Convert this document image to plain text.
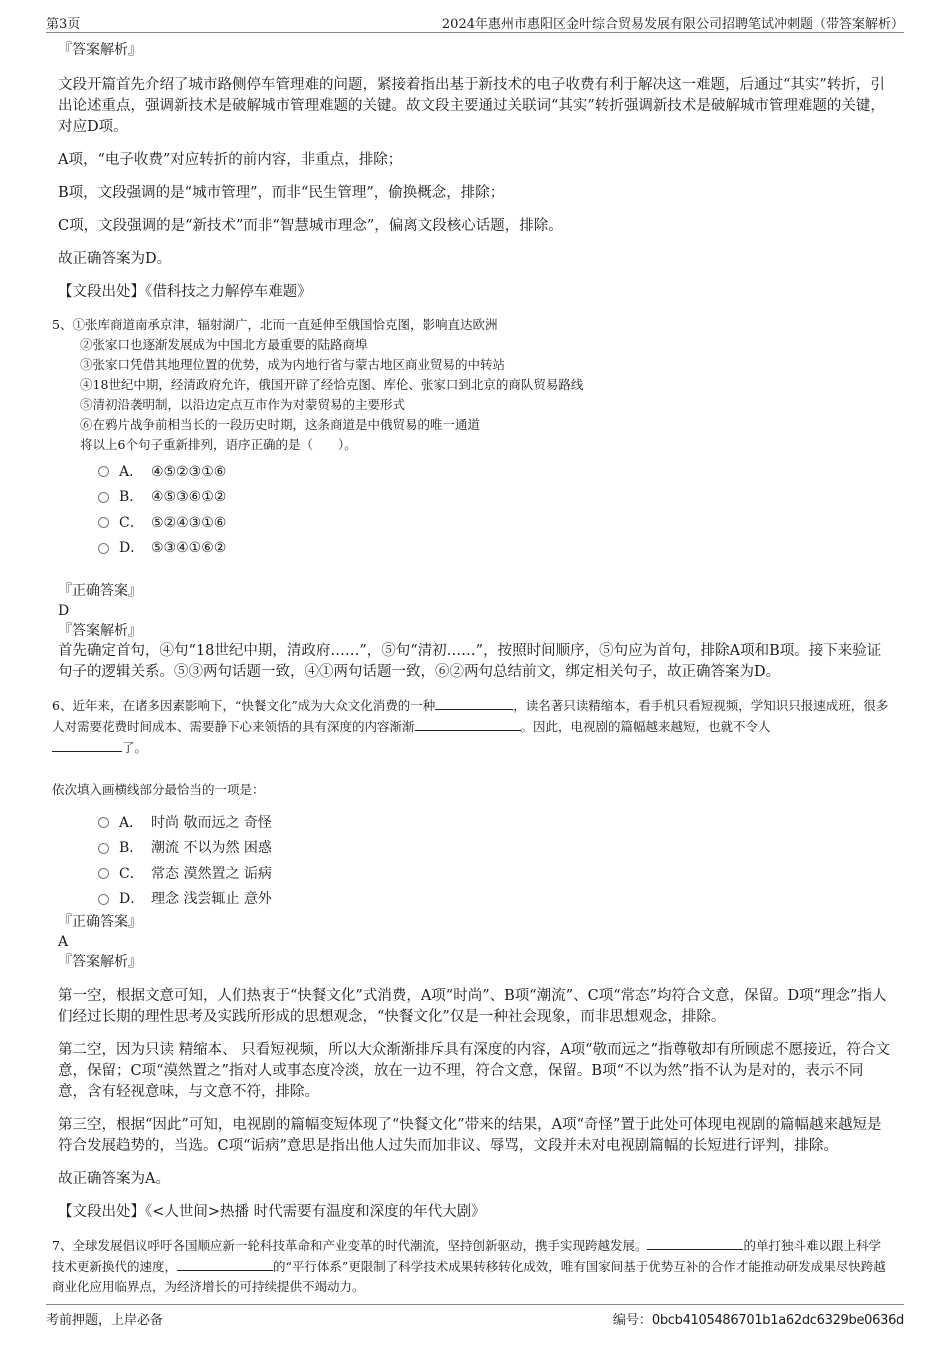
第3页	2024年惠州市惠阳区金叶综合贸易发展有限公司招聘笔试冲刺题（带答案解析）

『答案解析』

文段开篇首先介绍了城市路侧停车管理难的问题，紧接着指出基于新技术的电子收费有利于解决这一难题，后通过“其实”转折，引出论述重点，强调新技术是破解城市管理难题的关键。故文段主要通过关联词“其实”转折强调新技术是破解城市管理难题的关键，对应D项。

A项，“电子收费”对应转折的前内容，非重点，排除；

B项，文段强调的是“城市管理”，而非“民生管理”，偷换概念，排除；

C项，文段强调的是“新技术”而非“智慧城市理念”，偏离文段核心话题，排除。

故正确答案为D。

【文段出处】《借科技之力解停车难题》

5、①张库商道南承京津，辐射湖广，北而一直延伸至俄国恰克图，影响直达欧洲

②张家口也逐渐发展成为中国北方最重要的陆路商埠

③张家口凭借其地理位置的优势，成为内地行省与蒙古地区商业贸易的中转站

④18世纪中期，经清政府允许，俄国开辟了经恰克图、库伦、张家口到北京的商队贸易路线

⑤清初沿袭明制，以沿边定点互市作为对蒙贸易的主要形式

⑥在鸦片战争前相当长的一段历史时期，这条商道是中俄贸易的唯一通道

将以上6个句子重新排列，语序正确的是（　　）。

A． ④⑤②③①⑥
B． ④⑤③⑥①②
C． ⑤②④③①⑥
D． ⑤③④①⑥②

『正确答案』

D

『答案解析』

首先确定首句，④句“18世纪中期，清政府……”，⑤句“清初……”，按照时间顺序，⑤句应为首句，排除A项和B项。接下来验证句子的逻辑关系。⑤③两句话题一致，④①两句话题一致，⑥②两句总结前文，绑定相关句子，故正确答案为D。

6、近年来，在诸多因素影响下，“快餐文化”成为大众文化消费的一种	，读名著只读精缩本，看手机只看短视频，学知识只报速成班，很多人对需要花费时间成本、需要静下心来领悟的具有深度的内容渐渐	。因此，电视剧的篇幅越来越短，也就不令人
了。

依次填入画横线部分最恰当的一项是：

A． 时尚 敬而远之 奇怪
B． 潮流 不以为然 困惑
C． 常态 漠然置之 诟病
D． 理念 浅尝辄止 意外

『正确答案』

A

『答案解析』

第一空，根据文意可知，人们热衷于“快餐文化”式消费，A项“时尚”、B项“潮流”、C项“常态”均符合文意，保留。D项“理念”指人们经过长期的理性思考及实践所形成的思想观念，“快餐文化”仅是一种社会现象，而非思想观念，排除。

第二空，因为只读 精缩本、 只看短视频，所以大众渐渐排斥具有深度的内容，A项“敬而远之”指尊敬却有所顾虑不愿接近，符合文意，保留；C项“漠然置之”指对人或事态度冷淡，放在一边不理，符合文意，保留。B项“不以为然”指不认为是对的，表示不同意，含有轻视意味，与文意不符，排除。

第三空，根据“因此”可知，电视剧的篇幅变短体现了“快餐文化”带来的结果，A项“奇怪”置于此处可体现电视剧的篇幅越来越短是符合发展趋势的，当选。C项“诟病”意思是指出他人过失而加非议、辱骂，文段并未对电视剧篇幅的长短进行评判，排除。

故正确答案为A。

【文段出处】《<人世间>热播 时代需要有温度和深度的年代大剧》

7、全球发展倡议呼吁各国顺应新一轮科技革命和产业变革的时代潮流，坚持创新驱动，携手实现跨越发展。	的单打独斗难以跟上科学技术更新换代的速度，	的“平行体系”更限制了科学技术成果转移转化成效，唯有国家间基于优势互补的合作才能推动研发成果尽快跨越商业化应用临界点，为经济增长的可持续提供不竭动力。

考前押题，上岸必备	编号：0bcb4105486701b1a62dc6329be0636d
